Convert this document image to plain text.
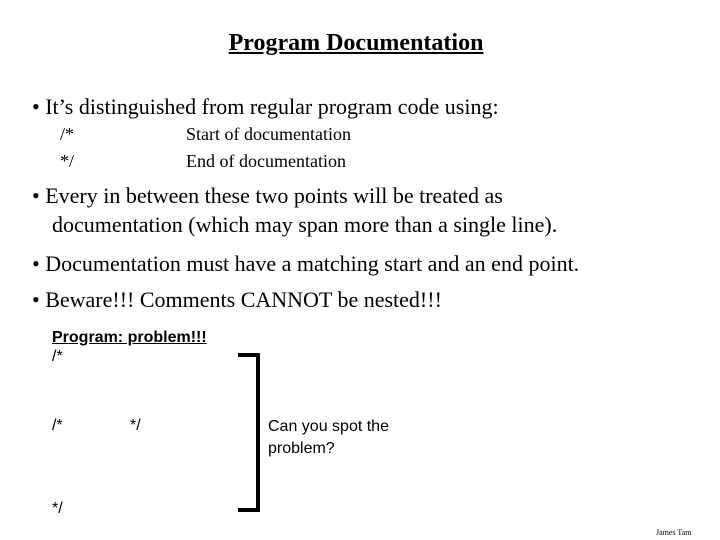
Program Documentation
• It’s distinguished from regular program code using:
/*	Start of documentation
*/	End of documentation
• Every in between these two points will be treated as
documentation (which may span more than a single line).
• Documentation must have a matching start and an end point.
• Beware!!! Comments CANNOT be nested!!!
Program: problem!!!
/*
/*	*/
*/
Can you spot the
problem?
James Tam
